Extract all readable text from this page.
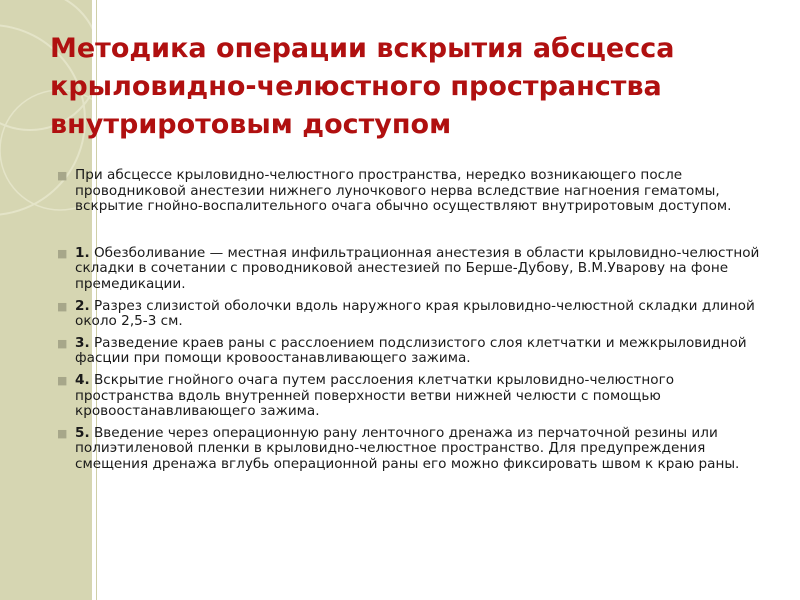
Методика операции вскрытия абсцесса
крыловидно-челюстного пространства
внутриротовым доступом

■ При абсцессе крыловидно-челюстного пространства, нередко возникающего после проводниковой анестезии нижнего луночкового нерва вследствие нагноения гематомы, вскрытие гнойно-воспалительного очага обычно осуществляют внутриротовым доступом.

■ 1. Обезболивание — местная инфильтрационная анестезия в области крыловидно-челюстной складки в сочетании с проводниковой анестезией по Берше-Дубову, В.М.Уварову на фоне премедикации.

■ 2. Разрез слизистой оболочки вдоль наружного края крыловидно-челюстной складки длиной около 2,5-3 см.

■ 3. Разведение краев раны с расслоением подслизистого слоя клетчатки и межкрыловидной фасции при помощи кровоостанавливающего зажима.

■ 4. Вскрытие гнойного очага путем расслоения клетчатки крыловидно-челюстного пространства вдоль внутренней поверхности ветви нижней челюсти с помощью кровоостанавливающего зажима.

■ 5. Введение через операционную рану ленточного дренажа из перчаточной резины или полиэтиленовой пленки в крыловидно-челюстное пространство. Для предупреждения смещения дренажа вглубь операционной раны его можно фиксировать швом к краю раны.
